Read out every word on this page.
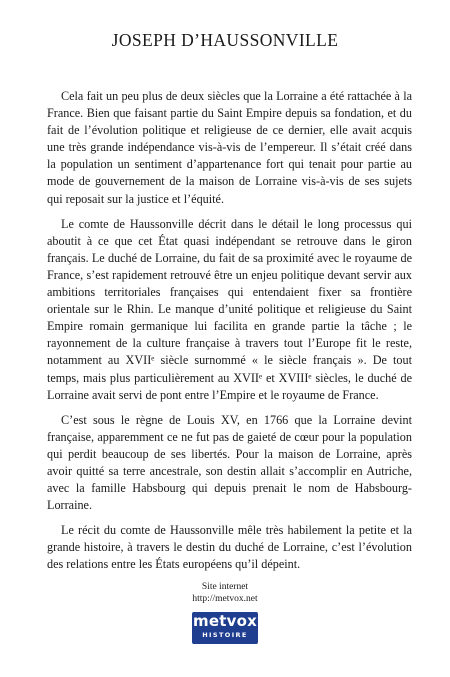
JOSEPH D’HAUSSONVILLE

Cela fait un peu plus de deux siècles que la Lorraine a été rattachée à la France. Bien que faisant partie du Saint Empire depuis sa fondation, et du fait de l’évolution politique et religieuse de ce dernier, elle avait acquis une très grande indépendance vis-à-vis de l’empereur. Il s’était créé dans la population un sentiment d’appartenance fort qui tenait pour partie au mode de gouvernement de la maison de Lorraine vis-à-vis de ses sujets qui reposait sur la justice et l’équité.

Le comte de Haussonville décrit dans le détail le long processus qui aboutit à ce que cet État quasi indépendant se retrouve dans le giron français. Le duché de Lorraine, du fait de sa proximité avec le royaume de France, s’est rapidement retrouvé être un enjeu politique devant servir aux ambitions territoriales françaises qui entendaient fixer sa frontière orientale sur le Rhin. Le manque d’unité politique et religieuse du Saint Empire romain germanique lui facilita en grande partie la tâche ; le rayonnement de la culture française à travers tout l’Europe fit le reste, notamment au XVIIᵉ siècle surnommé « le siècle français ». De tout temps, mais plus particulièrement au XVIIᵉ et XVIIIᵉ siècles, le duché de Lorraine avait servi de pont entre l’Empire et le royaume de France.

C’est sous le règne de Louis XV, en 1766 que la Lorraine devint française, apparemment ce ne fut pas de gaieté de cœur pour la population qui perdit beaucoup de ses libertés. Pour la maison de Lorraine, après avoir quitté sa terre ancestrale, son destin allait s’accomplir en Autriche, avec la famille Habsbourg qui depuis prenait le nom de Habsbourg-Lorraine.

Le récit du comte de Haussonville mêle très habilement la petite et la grande histoire, à travers le destin du duché de Lorraine, c’est l’évolution des relations entre les États européens qu’il dépeint.

Site internet
http://metvox.net
metvox
HISTOIRE
